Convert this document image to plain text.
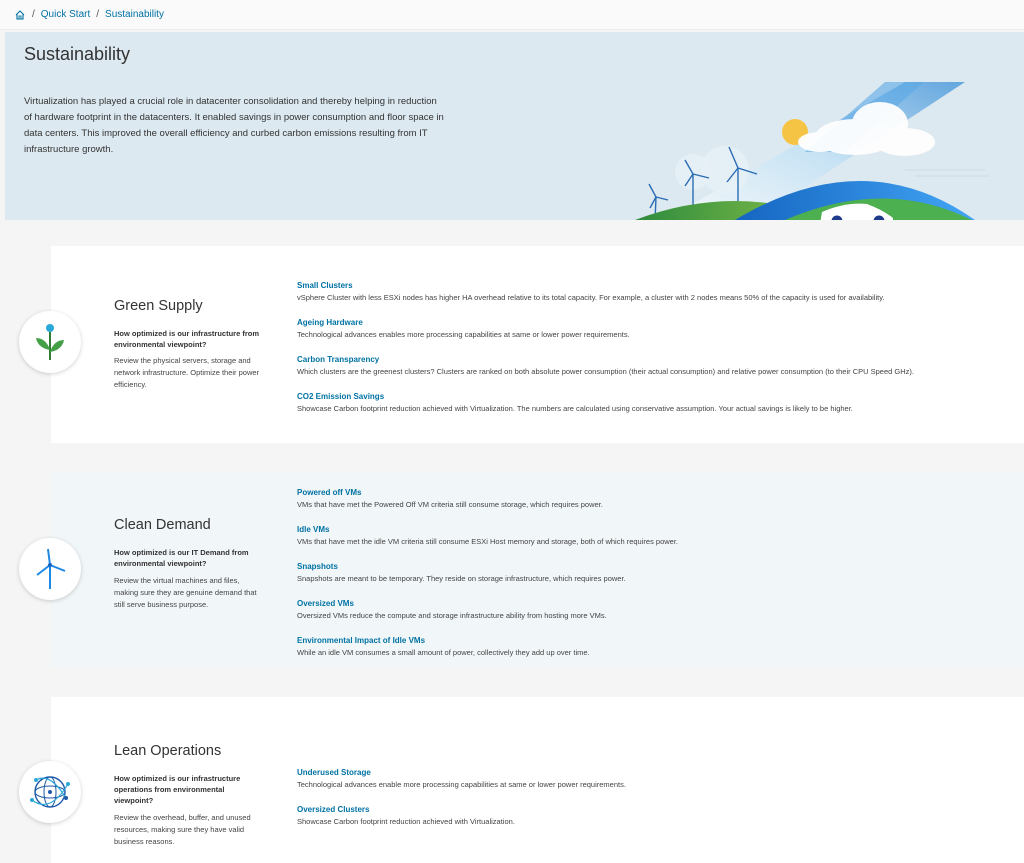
/ Quick Start / Sustainability
Sustainability

Virtualization has played a crucial role in datacenter consolidation and thereby helping in reduction of hardware footprint in the datacenters. It enabled savings in power consumption and floor space in data centers. This improved the overall efficiency and curbed carbon emissions resulting from IT infrastructure growth.

Green Supply
How optimized is our infrastructure from environmental viewpoint?
Review the physical servers, storage and network infrastructure. Optimize their power efficiency.
Small Clusters
vSphere Cluster with less ESXi nodes has higher HA overhead relative to its total capacity. For example, a cluster with 2 nodes means 50% of the capacity is used for availability.
Ageing Hardware
Technological advances enables more processing capabilities at same or lower power requirements.
Carbon Transparency
Which clusters are the greenest clusters? Clusters are ranked on both absolute power consumption (their actual consumption) and relative power consumption (to their CPU Speed GHz).
CO2 Emission Savings
Showcase Carbon footprint reduction achieved with Virtualization. The numbers are calculated using conservative assumption. Your actual savings is likely to be higher.
Clean Demand
How optimized is our IT Demand from environmental viewpoint?
Review the virtual machines and files, making sure they are genuine demand that still serve business purpose.
Powered off VMs
VMs that have met the Powered Off VM criteria still consume storage, which requires power.
Idle VMs
VMs that have met the idle VM criteria still consume ESXi Host memory and storage, both of which requires power.
Snapshots
Snapshots are meant to be temporary. They reside on storage infrastructure, which requires power.
Oversized VMs
Oversized VMs reduce the compute and storage infrastructure ability from hosting more VMs.
Environmental Impact of Idle VMs
While an idle VM consumes a small amount of power, collectively they add up over time.
Lean Operations
How optimized is our infrastructure operations from environmental viewpoint?
Review the overhead, buffer, and unused resources, making sure they have valid business reasons.
Underused Storage
Technological advances enable more processing capabilities at same or lower power requirements.
Oversized Clusters
Showcase Carbon footprint reduction achieved with Virtualization.
